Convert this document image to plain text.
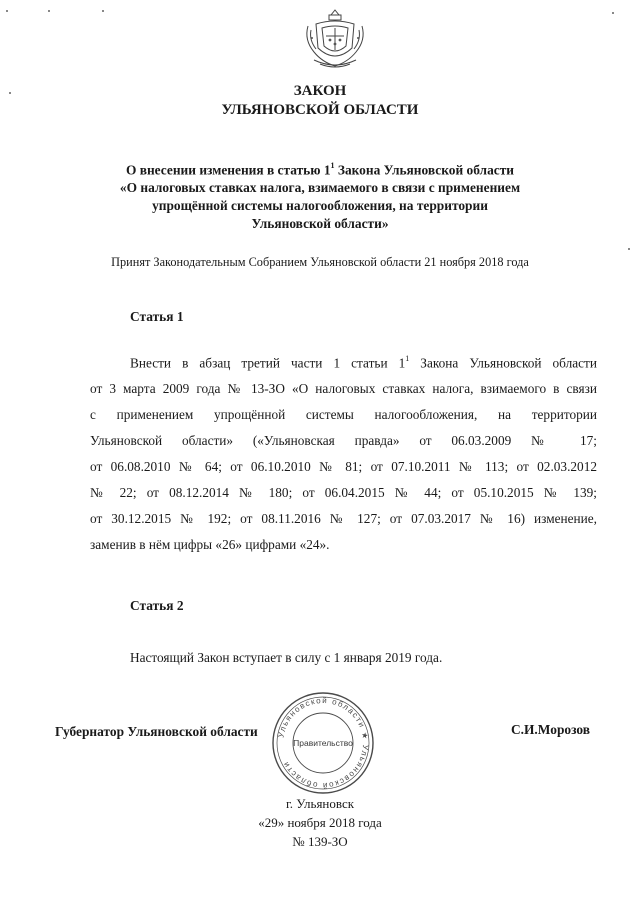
ЗАКОН
УЛЬЯНОВСКОЙ ОБЛАСТИ
О внесении изменения в статью $1^1$ Закона Ульяновской области
«О налоговых ставках налога, взимаемого в связи с применением
упрощённой системы налогообложения, на территории
Ульяновской области»
Принят Законодательным Собранием Ульяновской области 21 ноября 2018 года
Статья 1
Внести в абзац третий части 1 статьи $1^1$ Закона Ульяновской области
от 3 марта 2009 года № 13-ЗО «О налоговых ставках налога, взимаемого в связи
с применением упрощённой системы налогообложения, на территории
Ульяновской области» («Ульяновская правда» от 06.03.2009 № 17;
от 06.08.2010 № 64; от 06.10.2010 № 81; от 07.10.2011 № 113; от 02.03.2012
№ 22; от 08.12.2014 № 180; от 06.04.2015 № 44; от 05.10.2015 № 139;
от 30.12.2015 № 192; от 08.11.2016 № 127; от 07.03.2017 № 16) изменение,
заменив в нём цифры «26» цифрами «24».
Статья 2
Настоящий Закон вступает в силу с 1 января 2019 года.
Ульяновской области ★ Ульяновской области
Правительство
Губернатор Ульяновской области	С.И.Морозов
г. Ульяновск
«29» ноября 2018 года
№ 139-ЗО
